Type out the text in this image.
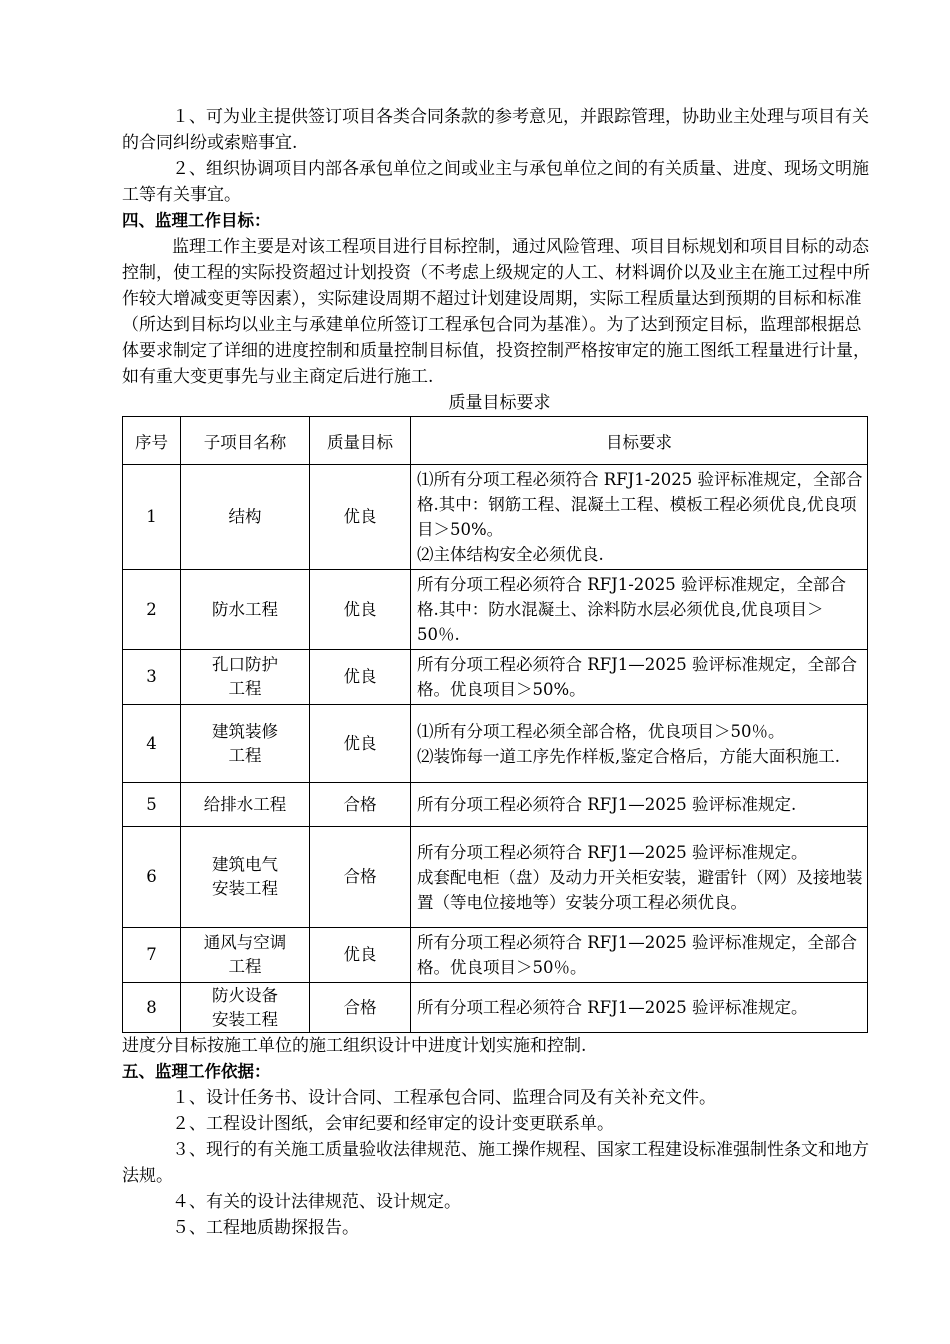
１、可为业主提供签订项目各类合同条款的参考意见，并跟踪管理，协助业主处理与项目有关的合同纠纷或索赔事宜.

２、组织协调项目内部各承包单位之间或业主与承包单位之间的有关质量、进度、现场文明施工等有关事宜。

四、监理工作目标：

监理工作主要是对该工程项目进行目标控制，通过风险管理、项目目标规划和项目目标的动态控制，使工程的实际投资超过计划投资（不考虑上级规定的人工、材料调价以及业主在施工过程中所作较大增减变更等因素），实际建设周期不超过计划建设周期，实际工程质量达到预期的目标和标准（所达到目标均以业主与承建单位所签订工程承包合同为基准）。为了达到预定目标，监理部根据总体要求制定了详细的进度控制和质量控制目标值，投资控制严格按审定的施工图纸工程量进行计量，如有重大变更事先与业主商定后进行施工.

质量目标要求

序号	子项目名称	质量目标	目标要求
1	结构	优良	⑴所有分项工程必须符合 RFJ1-2025 验评标准规定，全部合格.其中：钢筋工程、混凝土工程、模板工程必须优良,优良项目＞50%。
⑵主体结构安全必须优良.

2	防水工程	优良	所有分项工程必须符合 RFJ1-2025 验评标准规定，全部合格.其中：防水混凝土、涂料防水层必须优良,优良项目＞50％.

3	孔口防护
工程	优良	所有分项工程必须符合 RFJ1—2025 验评标准规定，全部合格。优良项目＞50%。

4	建筑装修
工程	优良	⑴所有分项工程必须全部合格，优良项目＞50％。
⑵装饰每一道工序先作样板,鉴定合格后，方能大面积施工.

5	给排水工程	合格	所有分项工程必须符合 RFJ1—2025 验评标准规定.

6	建筑电气
安装工程	合格	所有分项工程必须符合 RFJ1—2025 验评标准规定。
成套配电柜（盘）及动力开关柜安装，避雷针（网）及接地装置（等电位接地等）安装分项工程必须优良。

7	通风与空调
工程	优良	所有分项工程必须符合 RFJ1—2025 验评标准规定，全部合格。优良项目＞50％。

8	防火设备
安装工程	合格	所有分项工程必须符合 RFJ1—2025 验评标准规定。

进度分目标按施工单位的施工组织设计中进度计划实施和控制.

五、监理工作依据：

１、设计任务书、设计合同、工程承包合同、监理合同及有关补充文件。

２、工程设计图纸，会审纪要和经审定的设计变更联系单。

３、现行的有关施工质量验收法律规范、施工操作规程、国家工程建设标准强制性条文和地方法规。

４、有关的设计法律规范、设计规定。

５、工程地质勘探报告。
